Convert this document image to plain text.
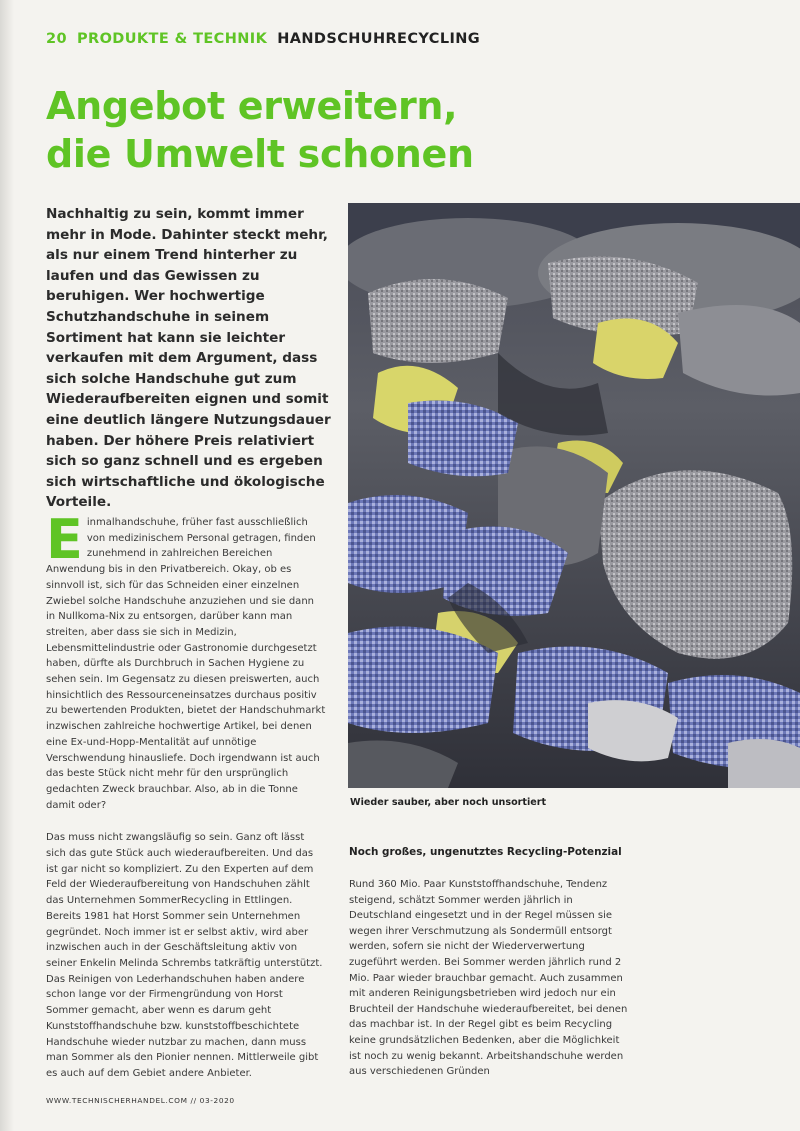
20 PRODUKTE & TECHNIK HANDSCHUHRECYCLING
Angebot erweitern,
die Umwelt schonen

Nachhaltig zu sein, kommt immer mehr in Mode. Dahinter steckt mehr, als nur einem Trend hinterher zu laufen und das Gewissen zu beruhigen. Wer hochwertige Schutzhandschuhe in seinem Sortiment hat kann sie leichter verkaufen mit dem Argument, dass sich solche Handschuhe gut zum Wiederaufbereiten eignen und somit eine deutlich längere Nutzungsdauer haben. Der höhere Preis relativiert sich so ganz schnell und es ergeben sich wirtschaftliche und ökologische Vorteile.

Einmalhandschuhe, früher fast ausschließlich von medizinischem Personal getragen, finden zunehmend in zahlreichen Bereichen Anwendung bis in den Privatbereich. Okay, ob es sinnvoll ist, sich für das Schneiden einer einzelnen Zwiebel solche Handschuhe anzuziehen und sie dann in Nullkoma-Nix zu entsorgen, darüber kann man streiten, aber dass sie sich in Medizin, Lebensmittelindustrie oder Gastronomie durchgesetzt haben, dürfte als Durchbruch in Sachen Hygiene zu sehen sein. Im Gegensatz zu diesen preiswerten, auch hinsichtlich des Ressourceneinsatzes durchaus positiv zu bewertenden Produkten, bietet der Handschuhmarkt inzwischen zahlreiche hochwertige Artikel, bei denen eine Ex-und-Hopp-Mentalität auf unnötige Verschwendung hinausliefe. Doch irgendwann ist auch das beste Stück nicht mehr für den ursprünglich gedachten Zweck brauchbar. Also, ab in die Tonne damit oder?

Das muss nicht zwangsläufig so sein. Ganz oft lässt sich das gute Stück auch wiederaufbereiten. Und das ist gar nicht so kompliziert. Zu den Experten auf dem Feld der Wiederaufbereitung von Handschuhen zählt das Unternehmen SommerRecycling in Ettlingen. Bereits 1981 hat Horst Sommer sein Unternehmen gegründet. Noch immer ist er selbst aktiv, wird aber inzwischen auch in der Geschäftsleitung aktiv von seiner Enkelin Melinda Schrembs tatkräftig unterstützt. Das Reinigen von Lederhandschuhen haben andere schon lange vor der Firmengründung von Horst Sommer gemacht, aber wenn es darum geht Kunststoffhandschuhe bzw. kunststoffbeschichtete Handschuhe wieder nutzbar zu machen, dann muss man Sommer als den Pionier nennen. Mittlerweile gibt es auch auf dem Gebiet andere Anbieter.

Wieder sauber, aber noch unsortiert
Noch großes, ungenutztes Recycling-Potenzial

Rund 360 Mio. Paar Kunststoffhandschuhe, Tendenz steigend, schätzt Sommer werden jährlich in Deutschland eingesetzt und in der Regel müssen sie wegen ihrer Verschmutzung als Sondermüll entsorgt werden, sofern sie nicht der Wiederverwertung zugeführt werden. Bei Sommer werden jährlich rund 2 Mio. Paar wieder brauchbar gemacht. Auch zusammen mit anderen Reinigungsbetrieben wird jedoch nur ein Bruchteil der Handschuhe wiederaufbereitet, bei denen das machbar ist. In der Regel gibt es beim Recycling keine grundsätzlichen Bedenken, aber die Möglichkeit ist noch zu wenig bekannt. Arbeitshandschuhe werden aus verschiedenen Gründen

WWW.TECHNISCHERHANDEL.COM // 03-2020
